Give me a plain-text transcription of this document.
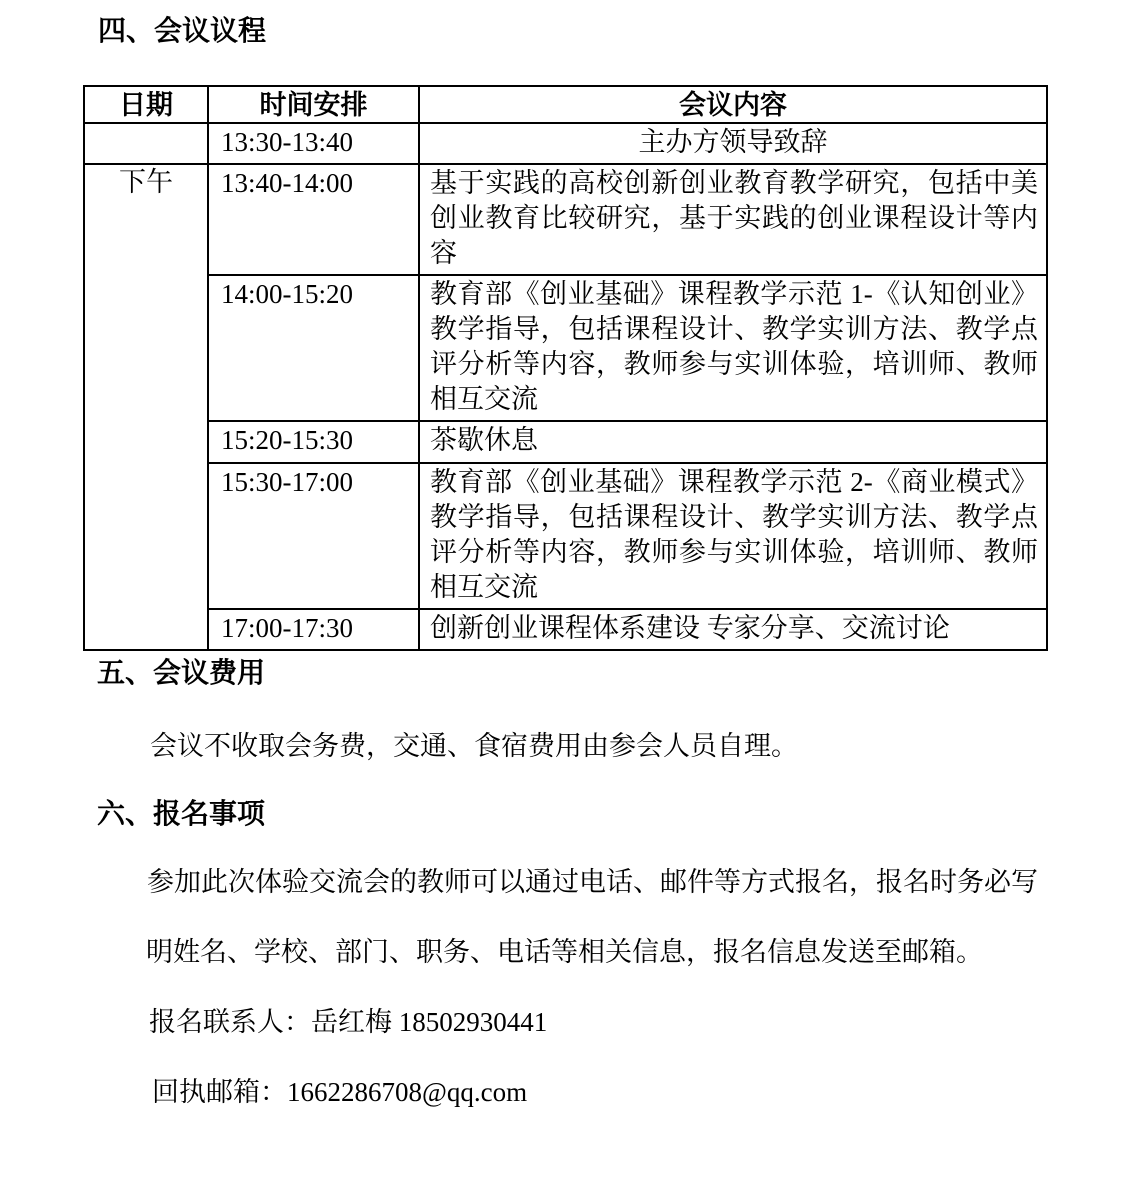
四、会议议程
日期	时间安排	会议内容
	13:30-13:40	主办方领导致辞
下午	13:40-14:00	基于实践的高校创新创业教育教学研究，包括中美创业教育比较研究，基于实践的创业课程设计等内容
	14:00-15:20	教育部《创业基础》课程教学示范 1-《认知创业》教学指导，包括课程设计、教学实训方法、教学点评分析等内容，教师参与实训体验，培训师、教师相互交流
	15:20-15:30	茶歇休息
	15:30-17:00	教育部《创业基础》课程教学示范 2-《商业模式》教学指导，包括课程设计、教学实训方法、教学点评分析等内容，教师参与实训体验，培训师、教师相互交流
	17:00-17:30	创新创业课程体系建设 专家分享、交流讨论
五、会议费用
会议不收取会务费，交通、食宿费用由参会人员自理。
六、报名事项
参加此次体验交流会的教师可以通过电话、邮件等方式报名，报名时务必写
明姓名、学校、部门、职务、电话等相关信息，报名信息发送至邮箱。
报名联系人：岳红梅 18502930441
回执邮箱：1662286708@qq.com
